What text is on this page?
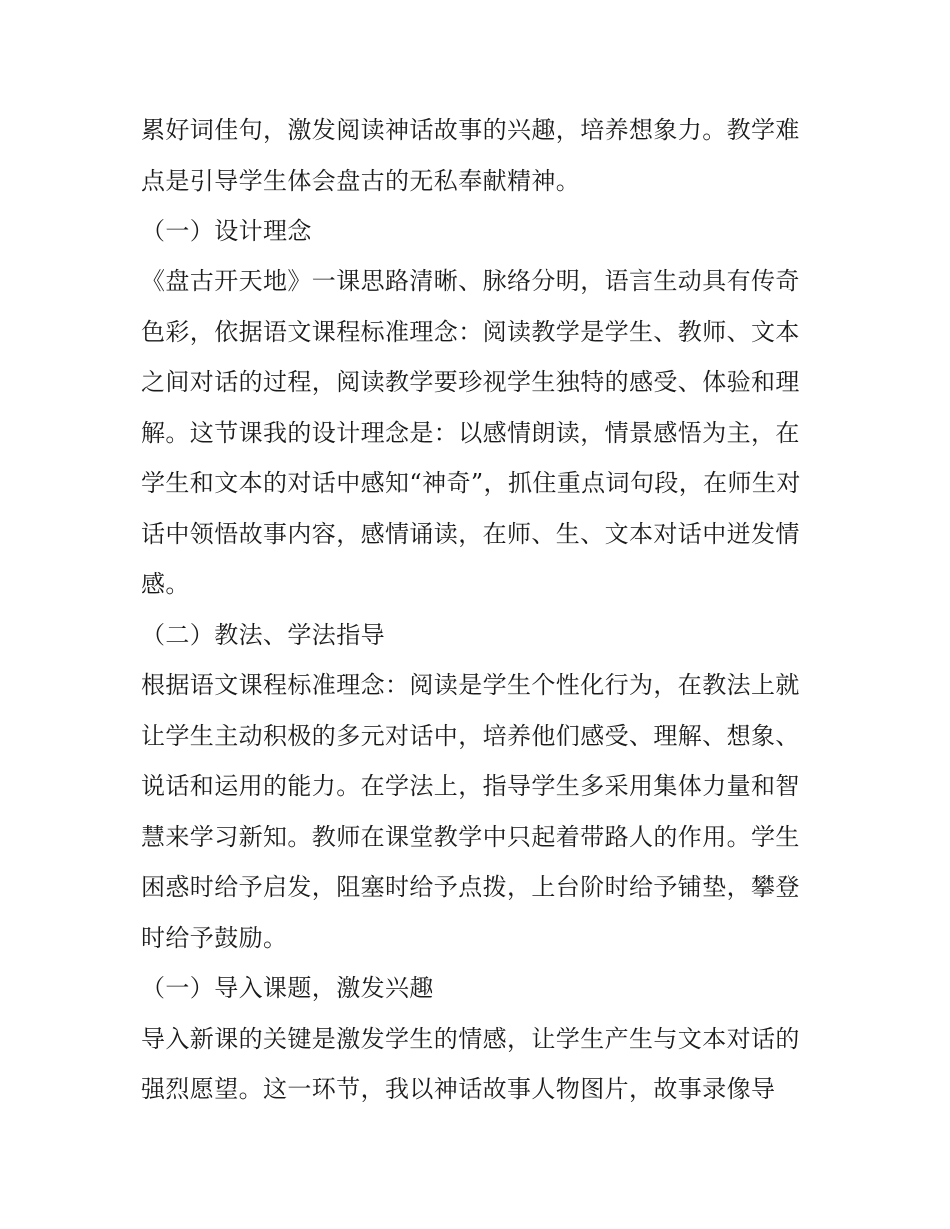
累好词佳句，激发阅读神话故事的兴趣，培养想象力。教学难
点是引导学生体会盘古的无私奉献精神。
（一）设计理念
《盘古开天地》一课思路清晰、脉络分明，语言生动具有传奇
色彩，依据语文课程标准理念：阅读教学是学生、教师、文本
之间对话的过程，阅读教学要珍视学生独特的感受、体验和理
解。这节课我的设计理念是：以感情朗读，情景感悟为主，在
学生和文本的对话中感知“神奇”，抓住重点词句段，在师生对
话中领悟故事内容，感情诵读，在师、生、文本对话中迸发情
感。
（二）教法、学法指导
根据语文课程标准理念：阅读是学生个性化行为，在教法上就
让学生主动积极的多元对话中，培养他们感受、理解、想象、
说话和运用的能力。在学法上，指导学生多采用集体力量和智
慧来学习新知。教师在课堂教学中只起着带路人的作用。学生
困惑时给予启发，阻塞时给予点拨，上台阶时给予铺垫，攀登
时给予鼓励。
（一）导入课题，激发兴趣
导入新课的关键是激发学生的情感，让学生产生与文本对话的
强烈愿望。这一环节，我以神话故事人物图片，故事录像导
